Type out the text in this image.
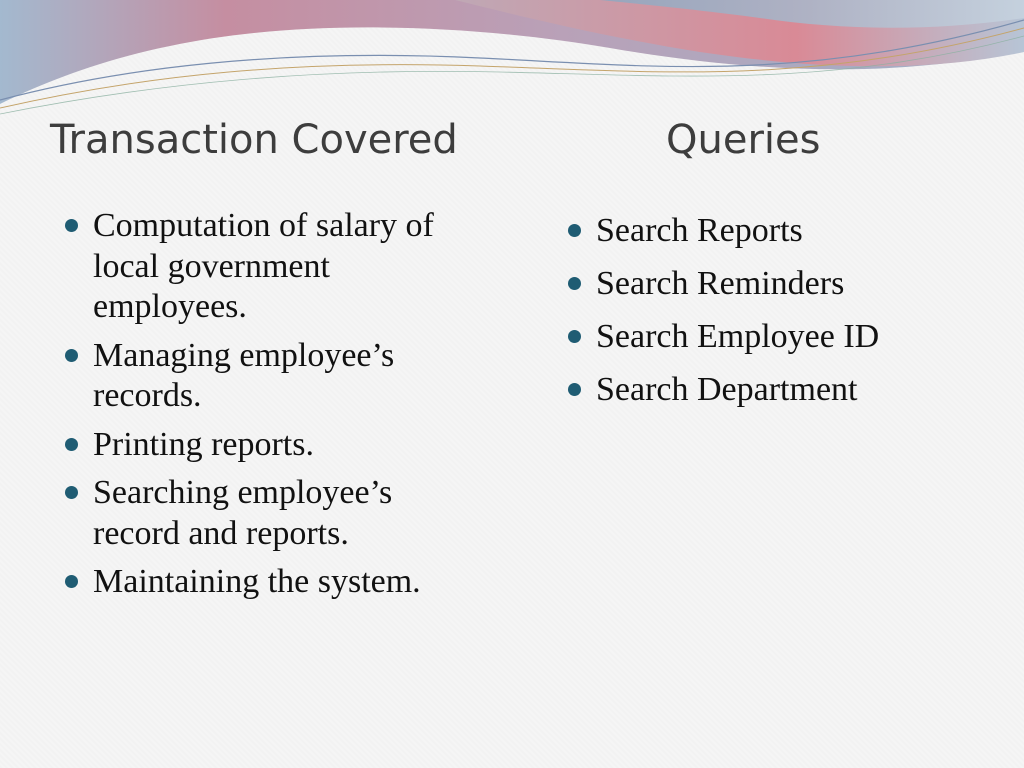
Transaction Covered	Queries
Computation of salary of local government employees.
Managing employee’s records.
Printing reports.
Searching employee’s record and reports.
Maintaining the system.
Search Reports
Search Reminders
Search Employee ID
Search Department
